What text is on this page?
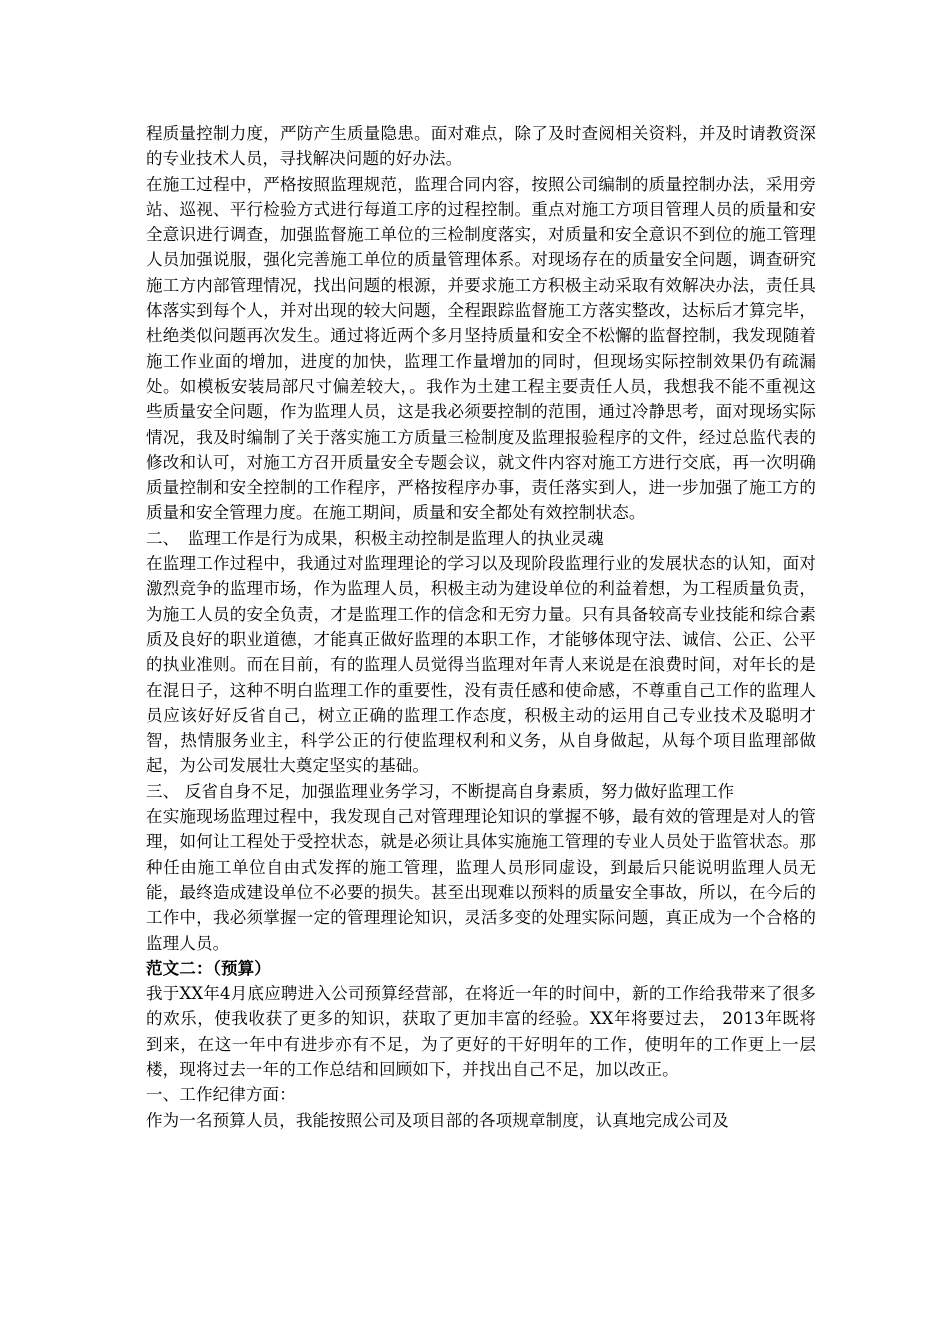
程质量控制力度，严防产生质量隐患。面对难点，除了及时查阅相关资料，并及时请教资深的专业技术人员，寻找解决问题的好办法。

在施工过程中，严格按照监理规范，监理合同内容，按照公司编制的质量控制办法，采用旁站、巡视、平行检验方式进行每道工序的过程控制。重点对施工方项目管理人员的质量和安全意识进行调查，加强监督施工单位的三检制度落实，对质量和安全意识不到位的施工管理人员加强说服，强化完善施工单位的质量管理体系。对现场存在的质量安全问题，调查研究施工方内部管理情况，找出问题的根源，并要求施工方积极主动采取有效解决办法，责任具体落实到每个人，并对出现的较大问题，全程跟踪监督施工方落实整改，达标后才算完毕，杜绝类似问题再次发生。通过将近两个多月坚持质量和安全不松懈的监督控制，我发现随着施工作业面的增加，进度的加快，监理工作量增加的同时，但现场实际控制效果仍有疏漏处。如模板安装局部尺寸偏差较大，。我作为土建工程主要责任人员，我想我不能不重视这些质量安全问题，作为监理人员，这是我必须要控制的范围，通过冷静思考，面对现场实际情况，我及时编制了关于落实施工方质量三检制度及监理报验程序的文件，经过总监代表的修改和认可，对施工方召开质量安全专题会议，就文件内容对施工方进行交底，再一次明确质量控制和安全控制的工作程序，严格按程序办事，责任落实到人，进一步加强了施工方的质量和安全管理力度。在施工期间，质量和安全都处有效控制状态。

二、　监理工作是行为成果，积极主动控制是监理人的执业灵魂

在监理工作过程中，我通过对监理理论的学习以及现阶段监理行业的发展状态的认知，面对激烈竞争的监理市场，作为监理人员，积极主动为建设单位的利益着想，为工程质量负责，为施工人员的安全负责，才是监理工作的信念和无穷力量。只有具备较高专业技能和综合素质及良好的职业道德，才能真正做好监理的本职工作，才能够体现守法、诚信、公正、公平的执业准则。而在目前，有的监理人员觉得当监理对年青人来说是在浪费时间，对年长的是在混日子，这种不明白监理工作的重要性，没有责任感和使命感，不尊重自己工作的监理人员应该好好反省自己，树立正确的监理工作态度，积极主动的运用自己专业技术及聪明才智，热情服务业主，科学公正的行使监理权利和义务，从自身做起，从每个项目监理部做起，为公司发展壮大奠定坚实的基础。

三、 反省自身不足，加强监理业务学习，不断提高自身素质，努力做好监理工作

在实施现场监理过程中，我发现自己对管理理论知识的掌握不够，最有效的管理是对人的管理，如何让工程处于受控状态，就是必须让具体实施施工管理的专业人员处于监管状态。那种任由施工单位自由式发挥的施工管理，监理人员形同虚设，到最后只能说明监理人员无能，最终造成建设单位不必要的损失。甚至出现难以预料的质量安全事故，所以，在今后的工作中，我必须掌握一定的管理理论知识，灵活多变的处理实际问题，真正成为一个合格的监理人员。

范文二：（预算）

我于XX年4月底应聘进入公司预算经营部，在将近一年的时间中，新的工作给我带来了很多的欢乐，使我收获了更多的知识，获取了更加丰富的经验。XX年将要过去， 2013年既将到来，在这一年中有进步亦有不足，为了更好的干好明年的工作，使明年的工作更上一层楼，现将过去一年的工作总结和回顾如下，并找出自己不足，加以改正。

一、工作纪律方面：

作为一名预算人员，我能按照公司及项目部的各项规章制度，认真地完成公司及
